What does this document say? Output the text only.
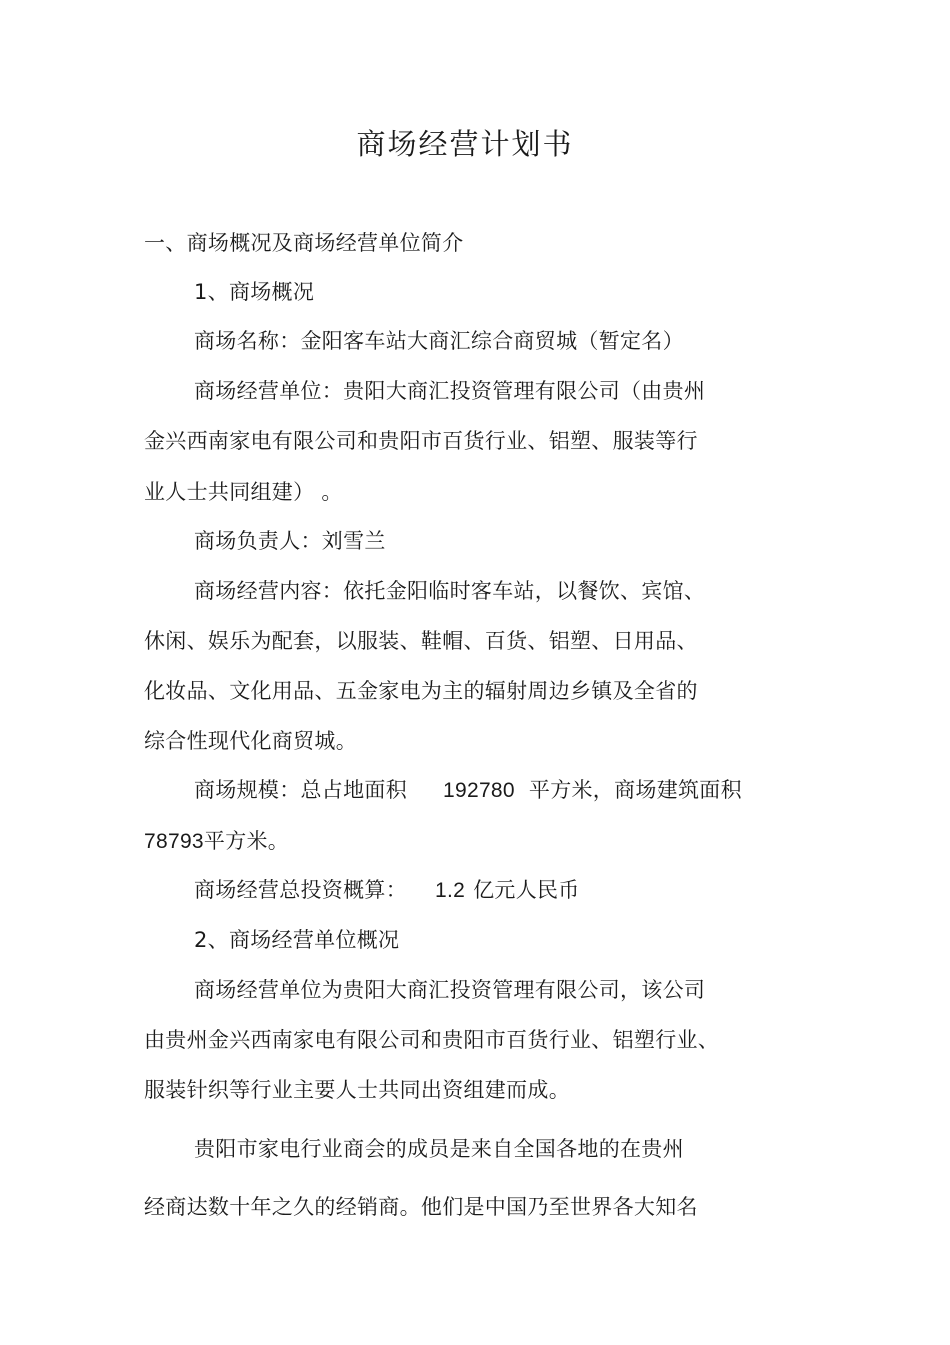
商场经营计划书
一、商场概况及商场经营单位简介
1、商场概况
商场名称：金阳客车站大商汇综合商贸城（暂定名）
商场经营单位：贵阳大商汇投资管理有限公司（由贵州
金兴西南家电有限公司和贵阳市百货行业、铝塑、服装等行
业人士共同组建） 。
商场负责人：刘雪兰
商场经营内容：依托金阳临时客车站，以餐饮、宾馆、
休闲、娱乐为配套，以服装、鞋帽、百货、铝塑、日用品、
化妆品、文化用品、五金家电为主的辐射周边乡镇及全省的
综合性现代化商贸城。
商场规模：总占地面积 192780 平方米，商场建筑面积
78793平方米。
商场经营总投资概算： 1.2 亿元人民币
2、商场经营单位概况
商场经营单位为贵阳大商汇投资管理有限公司，该公司
由贵州金兴西南家电有限公司和贵阳市百货行业、铝塑行业、
服装针织等行业主要人士共同出资组建而成。
贵阳市家电行业商会的成员是来自全国各地的在贵州
经商达数十年之久的经销商。他们是中国乃至世界各大知名
